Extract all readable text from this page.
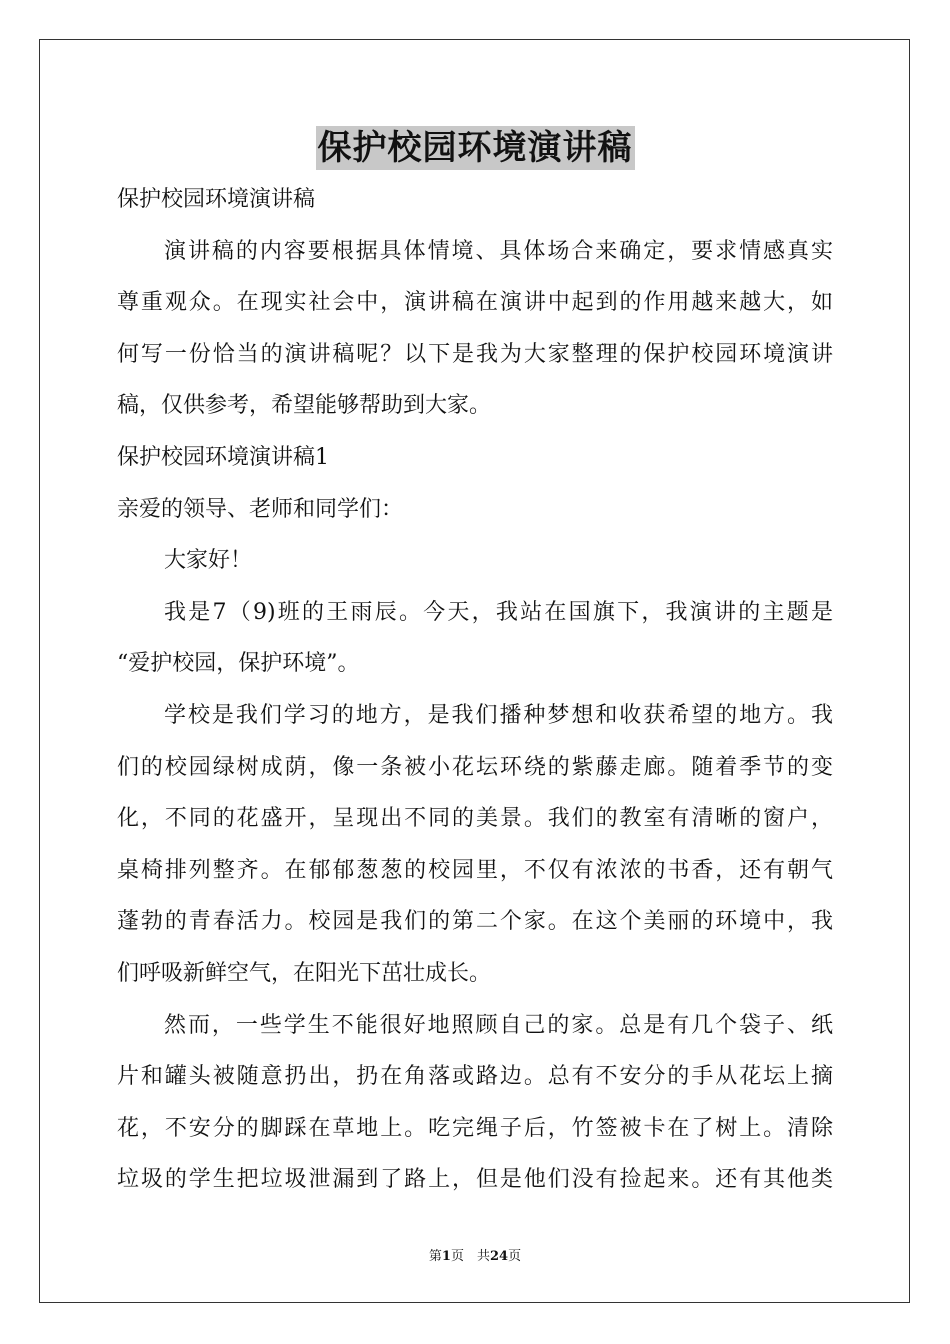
保护校园环境演讲稿
保护校园环境演讲稿
演讲稿的内容要根据具体情境、具体场合来确定，要求情感真实
尊重观众。在现实社会中，演讲稿在演讲中起到的作用越来越大，如
何写一份恰当的演讲稿呢？以下是我为大家整理的保护校园环境演讲
稿，仅供参考，希望能够帮助到大家。
保护校园环境演讲稿1
亲爱的领导、老师和同学们：
大家好！
我是7（9)班的王雨辰。今天，我站在国旗下，我演讲的主题是
“爱护校园，保护环境”。
学校是我们学习的地方，是我们播种梦想和收获希望的地方。我
们的校园绿树成荫，像一条被小花坛环绕的紫藤走廊。随着季节的变
化，不同的花盛开，呈现出不同的美景。我们的教室有清晰的窗户，
桌椅排列整齐。在郁郁葱葱的校园里，不仅有浓浓的书香，还有朝气
蓬勃的青春活力。校园是我们的第二个家。在这个美丽的环境中，我
们呼吸新鲜空气，在阳光下茁壮成长。
然而，一些学生不能很好地照顾自己的家。总是有几个袋子、纸
片和罐头被随意扔出，扔在角落或路边。总有不安分的手从花坛上摘
花，不安分的脚踩在草地上。吃完绳子后，竹签被卡在了树上。清除
垃圾的学生把垃圾泄漏到了路上，但是他们没有捡起来。还有其他类
第1页　共24页
